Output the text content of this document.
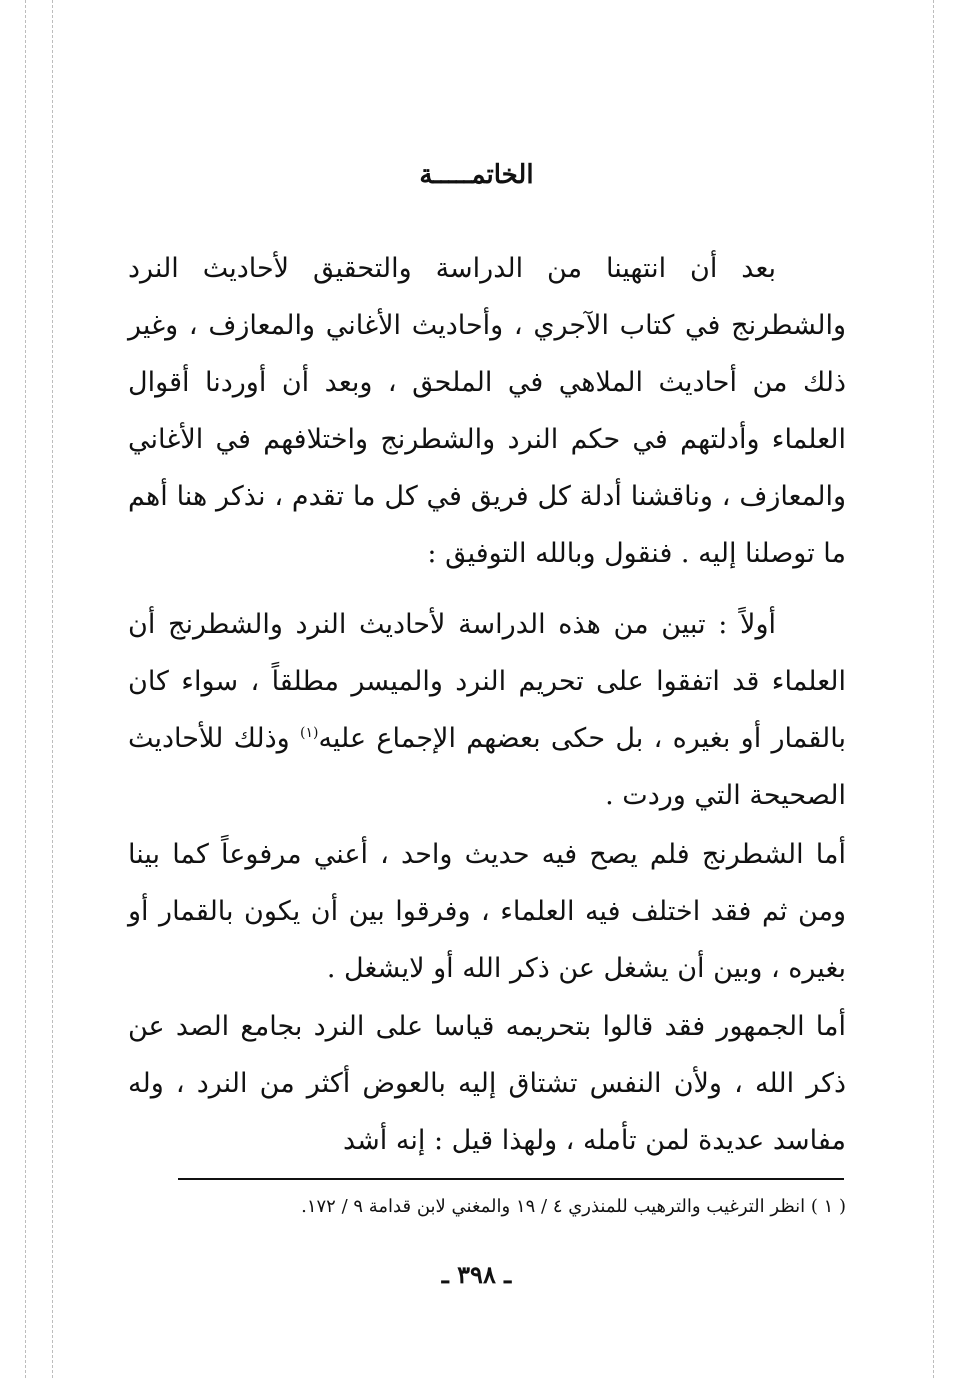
الخاتمـــــة

بعد أن انتهينا من الدراسة والتحقيق لأحاديث النرد والشطرنج في كتاب الآجري ، وأحاديث الأغاني والمعازف ، وغير ذلك من أحاديث الملاهي في الملحق ، وبعد أن أوردنا أقوال العلماء وأدلتهم في حكم النرد والشطرنج واختلافهم في الأغاني والمعازف ، وناقشنا أدلة كل فريق في كل ما تقدم ، نذكر هنا أهم ما توصلنا إليه . فنقول وبالله التوفيق :

أولاً : تبين من هذه الدراسة لأحاديث النرد والشطرنج أن العلماء قد اتفقوا على تحريم النرد والميسر مطلقاً ، سواء كان بالقمار أو بغيره ، بل حكى بعضهم الإجماع عليه$^{(١)}$ وذلك للأحاديث الصحيحة التي وردت .

أما الشطرنج فلم يصح فيه حديث واحد ، أعني مرفوعاً كما بينا ومن ثم فقد اختلف فيه العلماء ، وفرقوا بين أن يكون بالقمار أو بغيره ، وبين أن يشغل عن ذكر الله أو لايشغل .

أما الجمهور فقد قالوا بتحريمه قياسا على النرد بجامع الصد عن ذكر الله ، ولأن النفس تشتاق إليه بالعوض أكثر من النرد ، وله مفاسد عديدة لمن تأمله ، ولهذا قيل : إنه أشد

( ١ ) انظر الترغيب والترهيب للمنذري ٤ / ١٩ والمغني لابن قدامة ٩ / ١٧٢.
ـ ٣٩٨ ـ
